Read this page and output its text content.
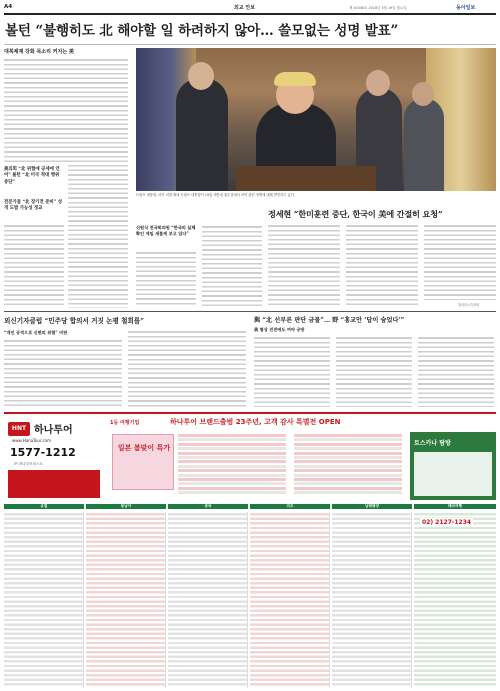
A4	외교 안보	제 30346호 2018년 3월 19일 월요일	동아일보
볼턴 “불행히도 北 해야할 일 하려하지 않아… 쓸모없는 성명 발표”
대북제재 강화 목소리 커지는 美
美의회 “北 위협에 공세에 언어” 볼턴 “北 미국 적대 행위 중단”
전문가들 “北 장기전 준비” 성격 도발 가능성 정교
트럼프 대통령, 마약 처벌 확대 트럼프 대통령이 15일 대통령 집무실에서 마약 관련 정책에 대해 발언하고 있다
정세현 “한미훈련 중단, 한국이 美에 간절히 요청”
워싱턴=특파원
신원식 전국회의원 “한국의 실체 확인 게임 새롭게 보고 있다”
외신기자클럽 “민주당 합의서 거짓 논평 철회를”
“개인 공격으로 신변의 위협” 비판
與 “北 선부른 판단 금물”… 野 “홍교안 ‘답이 숨었다’”
美 협상 진전에도 여야 공방
HNT 하나투어
www.HanaTour.com
1577-1212
㈜ 하나투어리스트
1등 여행기업	하나투어 브랜드출범 23주년, 고객 감사 특별전 OPEN
일본 봄맞이 특가
토스카나 탐방
유럽	동남아	중국	미주	남태평양	테마여행
02) 2127-1234
